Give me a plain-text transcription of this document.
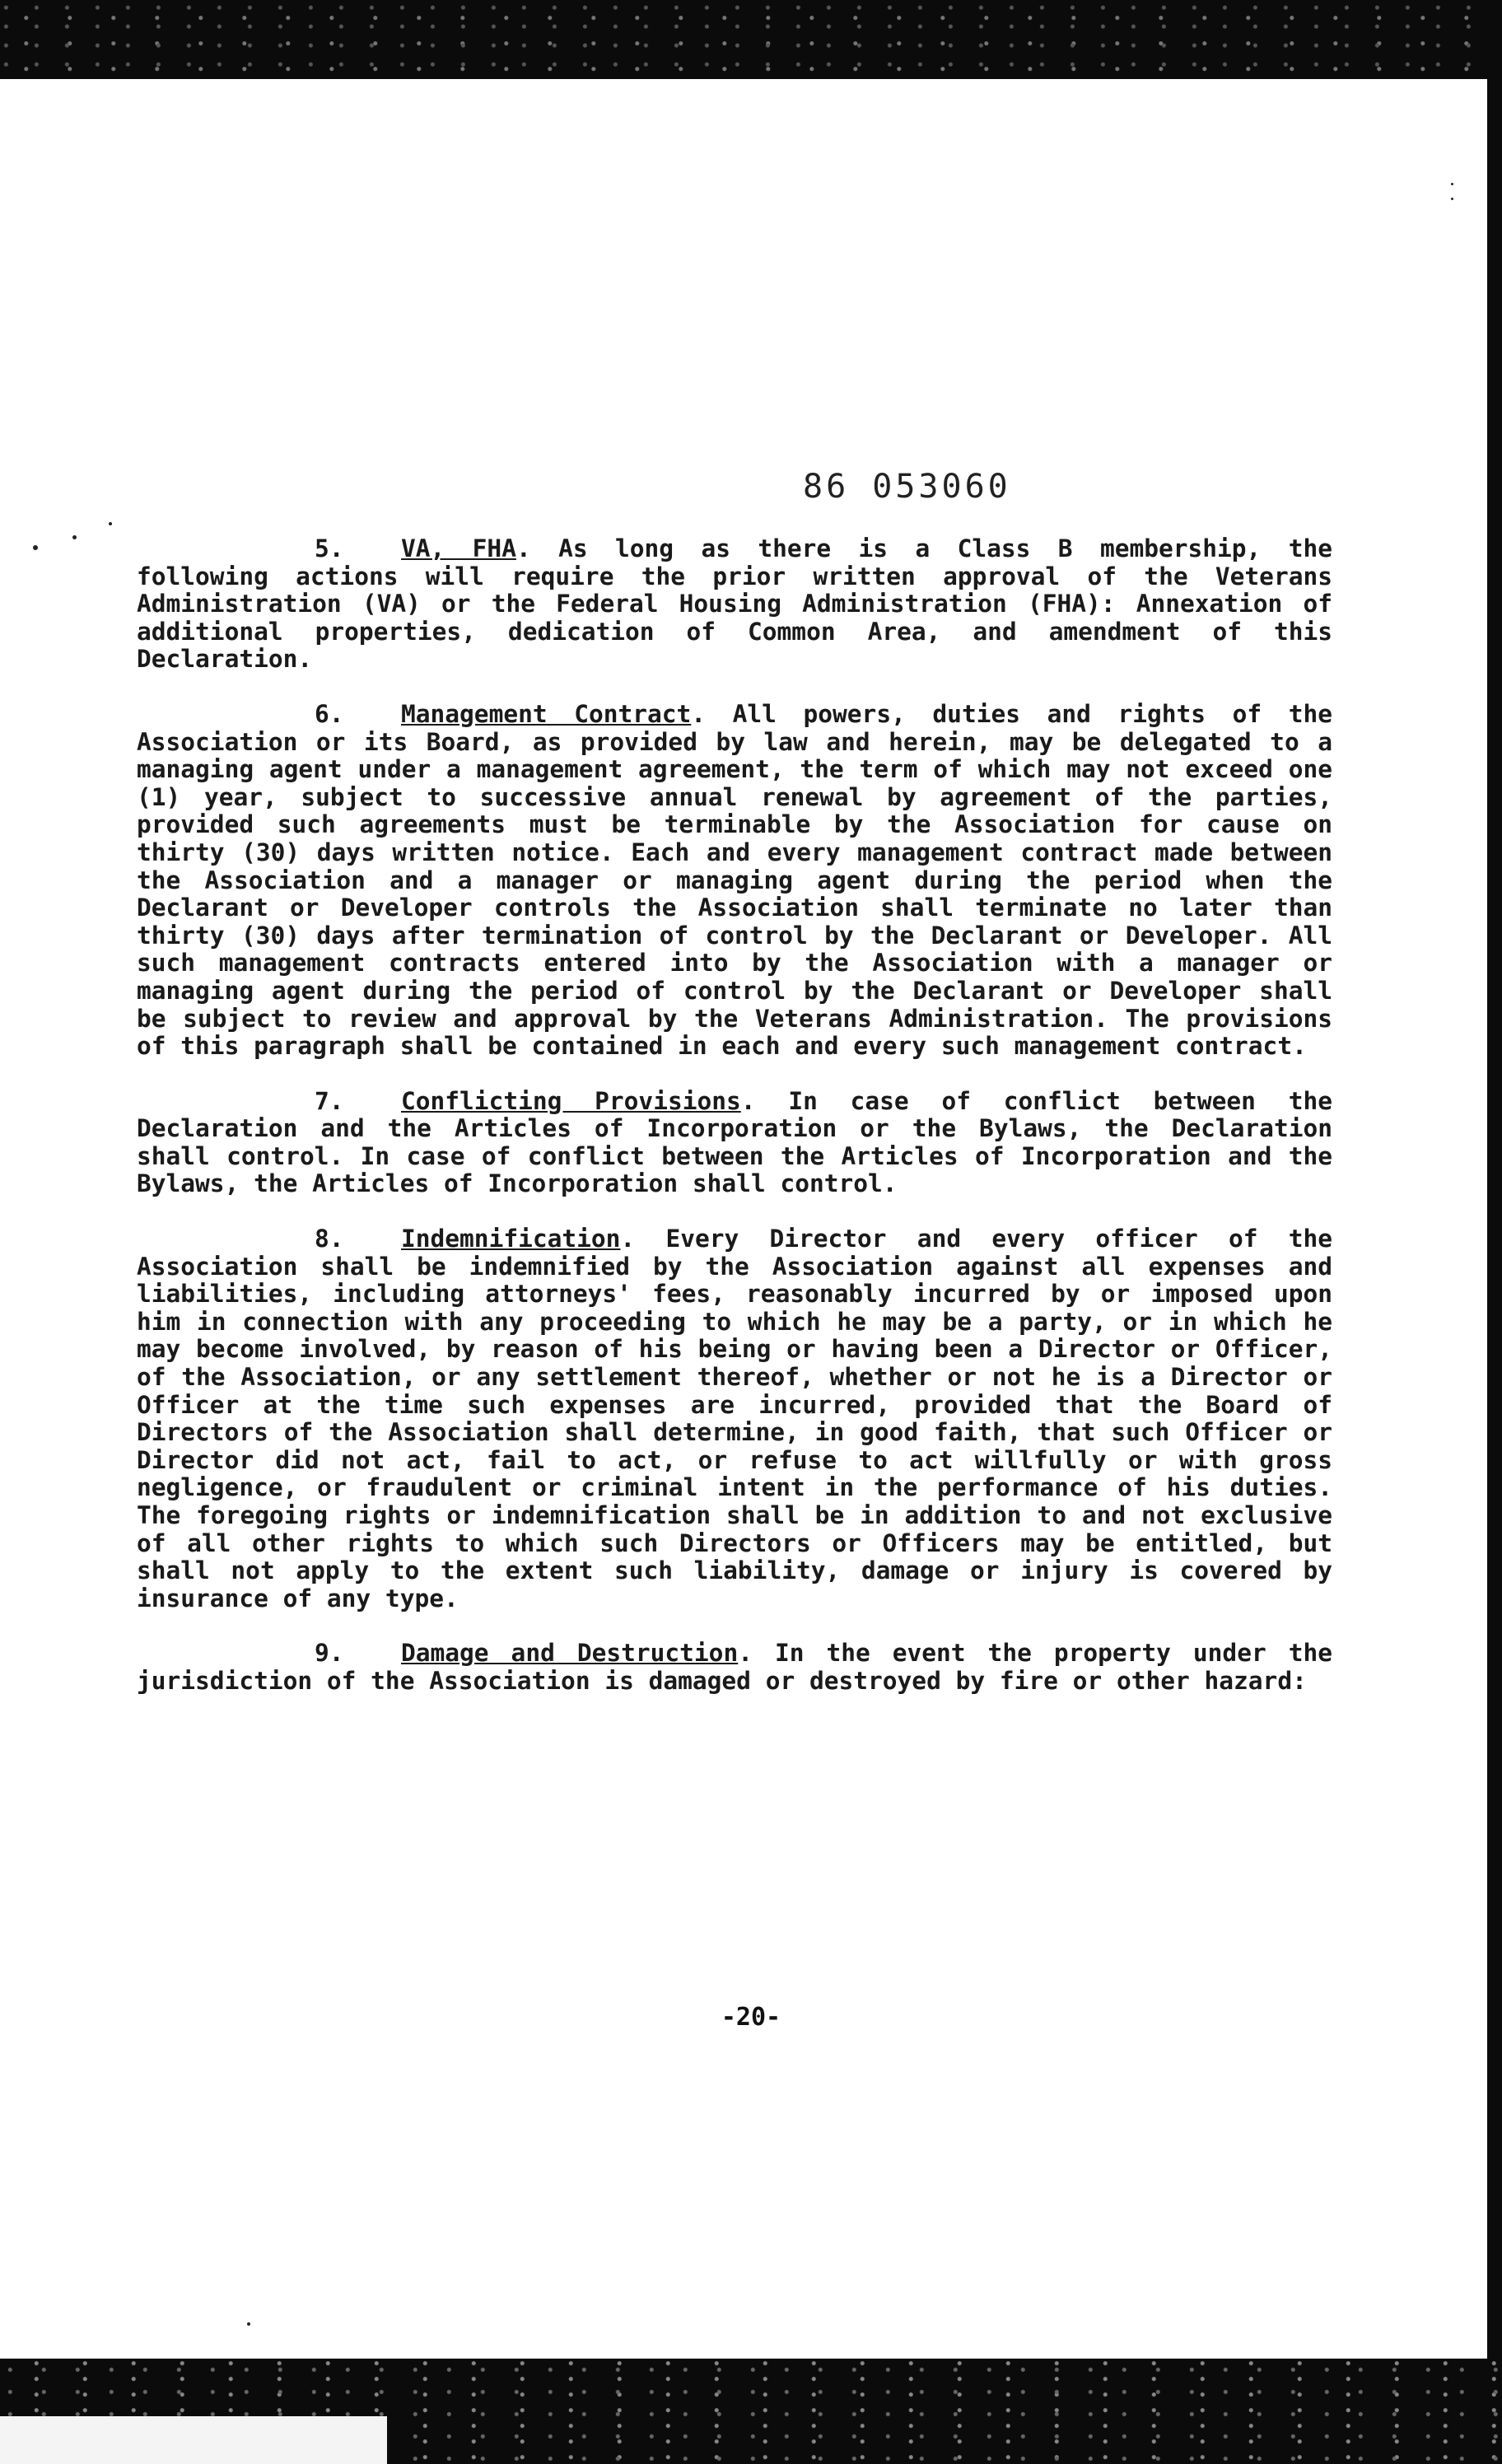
86 053060

5. VA, FHA. As long as there is a Class B membership, the following actions will require the prior written approval of the Veterans Administration (VA) or the Federal Housing Administration (FHA): Annexation of additional properties, dedication of Common Area, and amendment of this Declaration.

6. Management Contract. All powers, duties and rights of the Association or its Board, as provided by law and herein, may be delegated to a managing agent under a management agreement, the term of which may not exceed one (1) year, subject to successive annual renewal by agreement of the parties, provided such agreements must be terminable by the Association for cause on thirty (30) days written notice. Each and every management contract made between the Association and a manager or managing agent during the period when the Declarant or Developer controls the Association shall terminate no later than thirty (30) days after termination of control by the Declarant or Developer. All such management contracts entered into by the Association with a manager or managing agent during the period of control by the Declarant or Developer shall be subject to review and approval by the Veterans Administration. The provisions of this paragraph shall be contained in each and every such management contract.

7. Conflicting Provisions. In case of conflict between the Declaration and the Articles of Incorporation or the Bylaws, the Declaration shall control. In case of conflict between the Articles of Incorporation and the Bylaws, the Articles of Incorporation shall control.

8. Indemnification. Every Director and every officer of the Association shall be indemnified by the Association against all expenses and liabilities, including attorneys' fees, reasonably incurred by or imposed upon him in connection with any proceeding to which he may be a party, or in which he may become involved, by reason of his being or having been a Director or Officer, of the Association, or any settlement thereof, whether or not he is a Director or Officer at the time such expenses are incurred, provided that the Board of Directors of the Association shall determine, in good faith, that such Officer or Director did not act, fail to act, or refuse to act willfully or with gross negligence, or fraudulent or criminal intent in the performance of his duties. The foregoing rights or indemnification shall be in addition to and not exclusive of all other rights to which such Directors or Officers may be entitled, but shall not apply to the extent such liability, damage or injury is covered by insurance of any type.

9. Damage and Destruction. In the event the property under the jurisdiction of the Association is damaged or destroyed by fire or other hazard:

-20-
